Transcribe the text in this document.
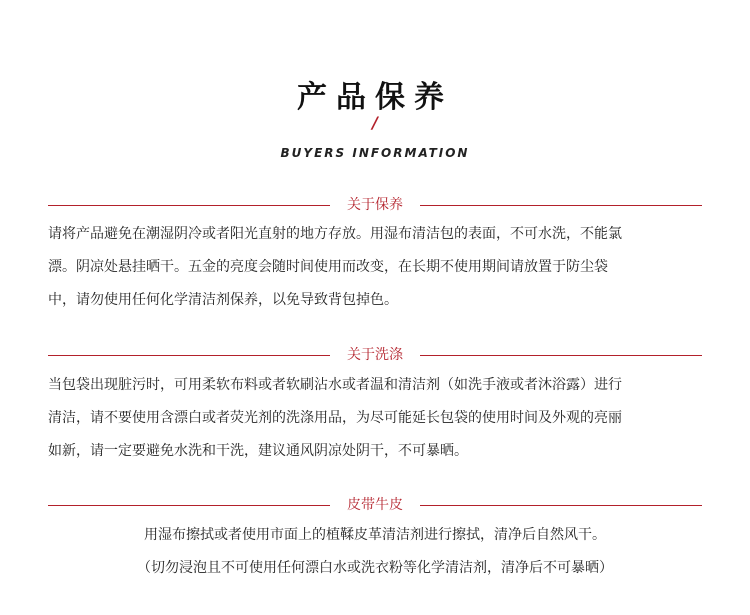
产品保养
/
BUYERS INFORMATION
关于保养
请将产品避免在潮湿阴冷或者阳光直射的地方存放。用湿布清洁包的表面，不可水洗，不能氯
漂。阴凉处悬挂晒干。五金的亮度会随时间使用而改变，在长期不使用期间请放置于防尘袋
中，请勿使用任何化学清洁剂保养，以免导致背包掉色。
关于洗涤
当包袋出现脏污时，可用柔软布料或者软刷沾水或者温和清洁剂（如洗手液或者沐浴露）进行
清洁，请不要使用含漂白或者荧光剂的洗涤用品，为尽可能延长包袋的使用时间及外观的亮丽
如新，请一定要避免水洗和干洗，建议通风阴凉处阴干，不可暴晒。
皮带牛皮
用湿布擦拭或者使用市面上的植鞣皮革清洁剂进行擦拭，清净后自然风干。
（切勿浸泡且不可使用任何漂白水或洗衣粉等化学清洁剂，清净后不可暴晒）
